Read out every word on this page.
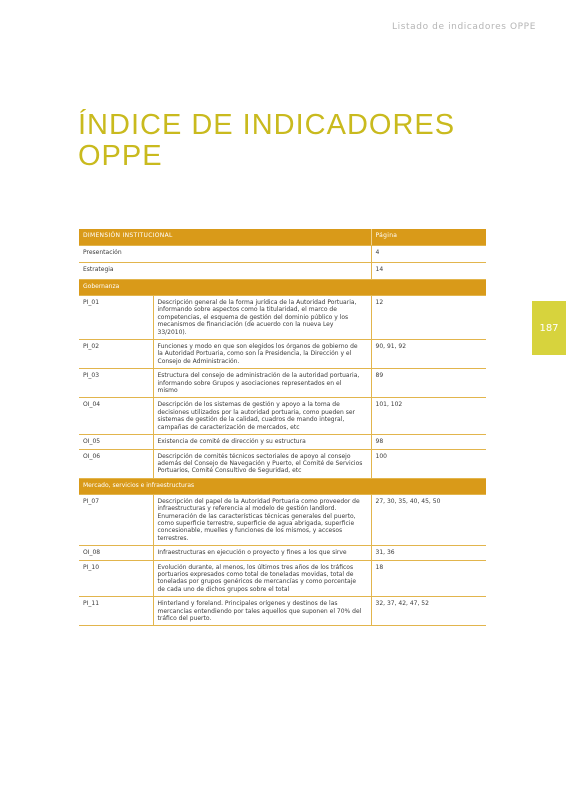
Listado de indicadores OPPE
ÍNDICE DE INDICADORES OPPE
187
DIMENSIÓN INSTITUCIONAL		Página
Presentación		4
Estrategia		14
Gobernanza		
PI_01	Descripción general de la forma jurídica de la Autoridad Portuaria, informando sobre aspectos como la titularidad, el marco de competencias, el esquema de gestión del dominio público y los mecanismos de financiación (de acuerdo con la nueva Ley 33/2010).	12
PI_02	Funciones y modo en que son elegidos los órganos de gobierno de la Autoridad Portuaria, como son la Presidencia, la Dirección y el Consejo de Administración.	90, 91, 92
PI_03	Estructura del consejo de administración de la autoridad portuaria, informando sobre Grupos y asociaciones representados en el mismo	89
OI_04	Descripción de los sistemas de gestión y apoyo a la toma de decisiones utilizados por la autoridad portuaria, como pueden ser sistemas de gestión de la calidad, cuadros de mando integral, campañas de caracterización de mercados, etc	101, 102
OI_05	Existencia de comité de dirección y su estructura	98
OI_06	Descripción de comités técnicos sectoriales de apoyo al consejo además del Consejo de Navegación y Puerto, el Comité de Servicios Portuarios, Comité Consultivo de Seguridad, etc	100
Mercado, servicios e infraestructuras		
PI_07	Descripción del papel de la Autoridad Portuaria como proveedor de infraestructuras y referencia al modelo de gestión landlord. Enumeración de las características técnicas generales del puerto, como superficie terrestre, superficie de agua abrigada, superficie concesionable, muelles y funciones de los mismos, y accesos terrestres.	27, 30, 35, 40, 45, 50
OI_08	Infraestructuras en ejecución o proyecto y fines a los que sirve	31, 36
PI_10	Evolución durante, al menos, los últimos tres años de los tráficos portuarios expresados como total de toneladas movidas, total de toneladas por grupos genéricos de mercancías y como porcentaje de cada uno de dichos grupos sobre el total	18
PI_11	Hinterland y foreland. Principales orígenes y destinos de las mercancías entendiendo por tales aquellos que suponen el 70% del tráfico del puerto.	32, 37, 42, 47, 52
